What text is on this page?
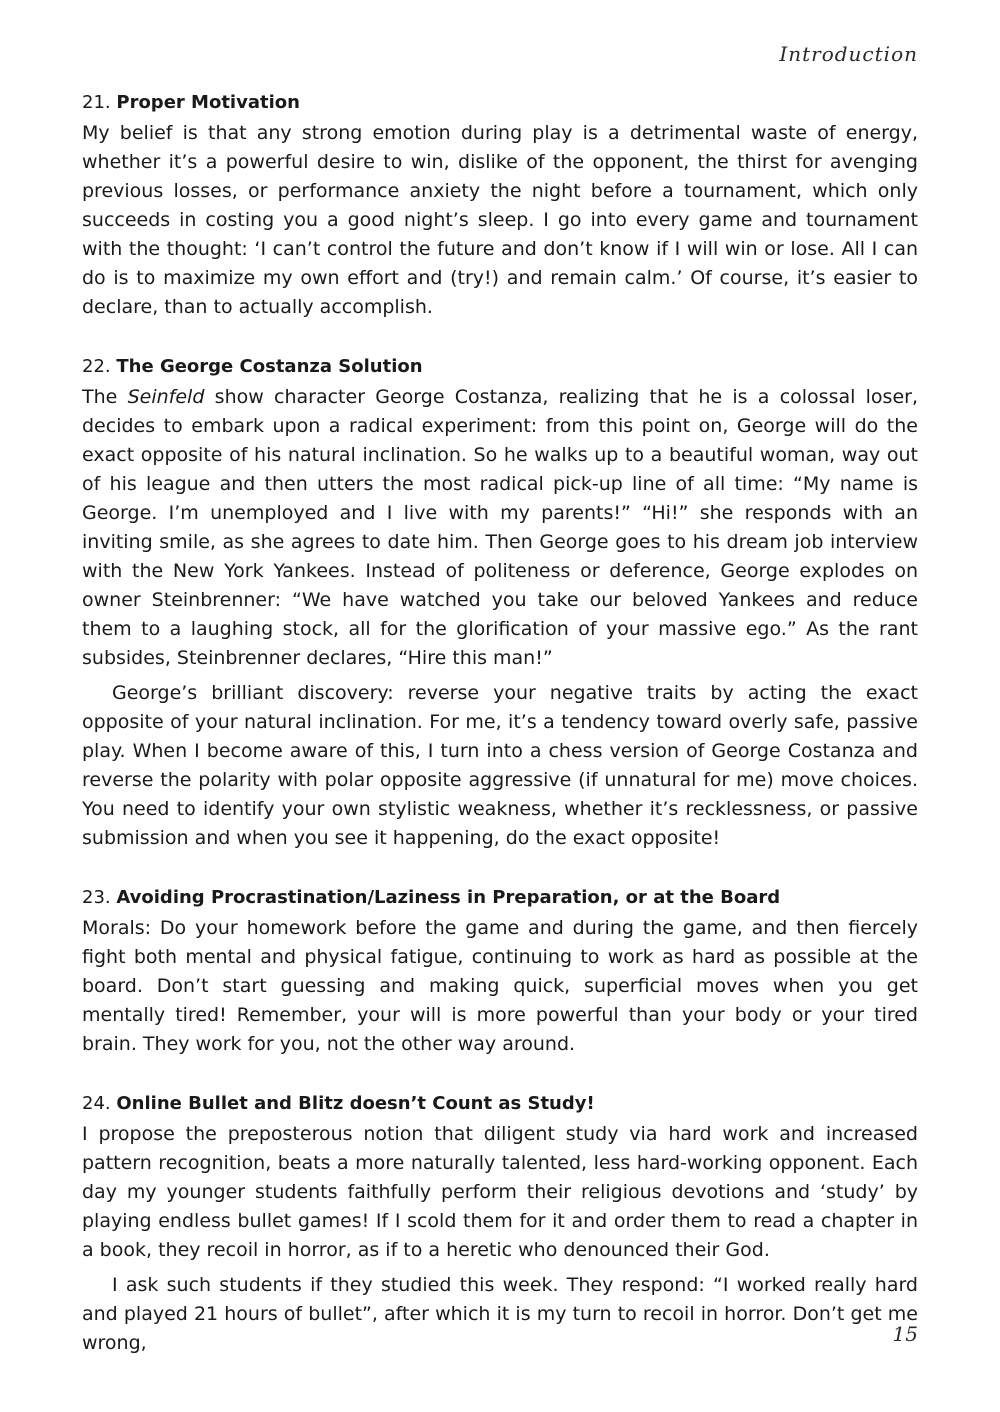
Introduction
21. Proper Motivation

My belief is that any strong emotion during play is a detrimental waste of energy, whether it’s a powerful desire to win, dislike of the opponent, the thirst for avenging previous losses, or performance anxiety the night before a tournament, which only succeeds in costing you a good night’s sleep. I go into every game and tournament with the thought: ‘I can’t control the future and don’t know if I will win or lose. All I can do is to maximize my own effort and (try!) and remain calm.’ Of course, it’s easier to declare, than to actually accomplish.

22. The George Costanza Solution

The Seinfeld show character George Costanza, realizing that he is a colossal loser, decides to embark upon a radical experiment: from this point on, George will do the exact opposite of his natural inclination. So he walks up to a beautiful woman, way out of his league and then utters the most radical pick-up line of all time: “My name is George. I’m unemployed and I live with my parents!” “Hi!” she responds with an inviting smile, as she agrees to date him. Then George goes to his dream job interview with the New York Yankees. Instead of politeness or deference, George explodes on owner Steinbrenner: “We have watched you take our beloved Yankees and reduce them to a laughing stock, all for the glorification of your massive ego.” As the rant subsides, Steinbrenner declares, “Hire this man!”

George’s brilliant discovery: reverse your negative traits by acting the exact opposite of your natural inclination. For me, it’s a tendency toward overly safe, passive play. When I become aware of this, I turn into a chess version of George Costanza and reverse the polarity with polar opposite aggressive (if unnatural for me) move choices. You need to identify your own stylistic weakness, whether it’s recklessness, or passive submission and when you see it happening, do the exact opposite!

23. Avoiding Procrastination/Laziness in Preparation, or at the Board

Morals: Do your homework before the game and during the game, and then fiercely fight both mental and physical fatigue, continuing to work as hard as possible at the board. Don’t start guessing and making quick, superficial moves when you get mentally tired! Remember, your will is more powerful than your body or your tired brain. They work for you, not the other way around.

24. Online Bullet and Blitz doesn’t Count as Study!

I propose the preposterous notion that diligent study via hard work and increased pattern recognition, beats a more naturally talented, less hard-working opponent. Each day my younger students faithfully perform their religious devotions and ‘study’ by playing endless bullet games! If I scold them for it and order them to read a chapter in a book, they recoil in horror, as if to a heretic who denounced their God.

I ask such students if they studied this week. They respond: “I worked really hard and played 21 hours of bullet”, after which it is my turn to recoil in horror. Don’t get me wrong,	15
